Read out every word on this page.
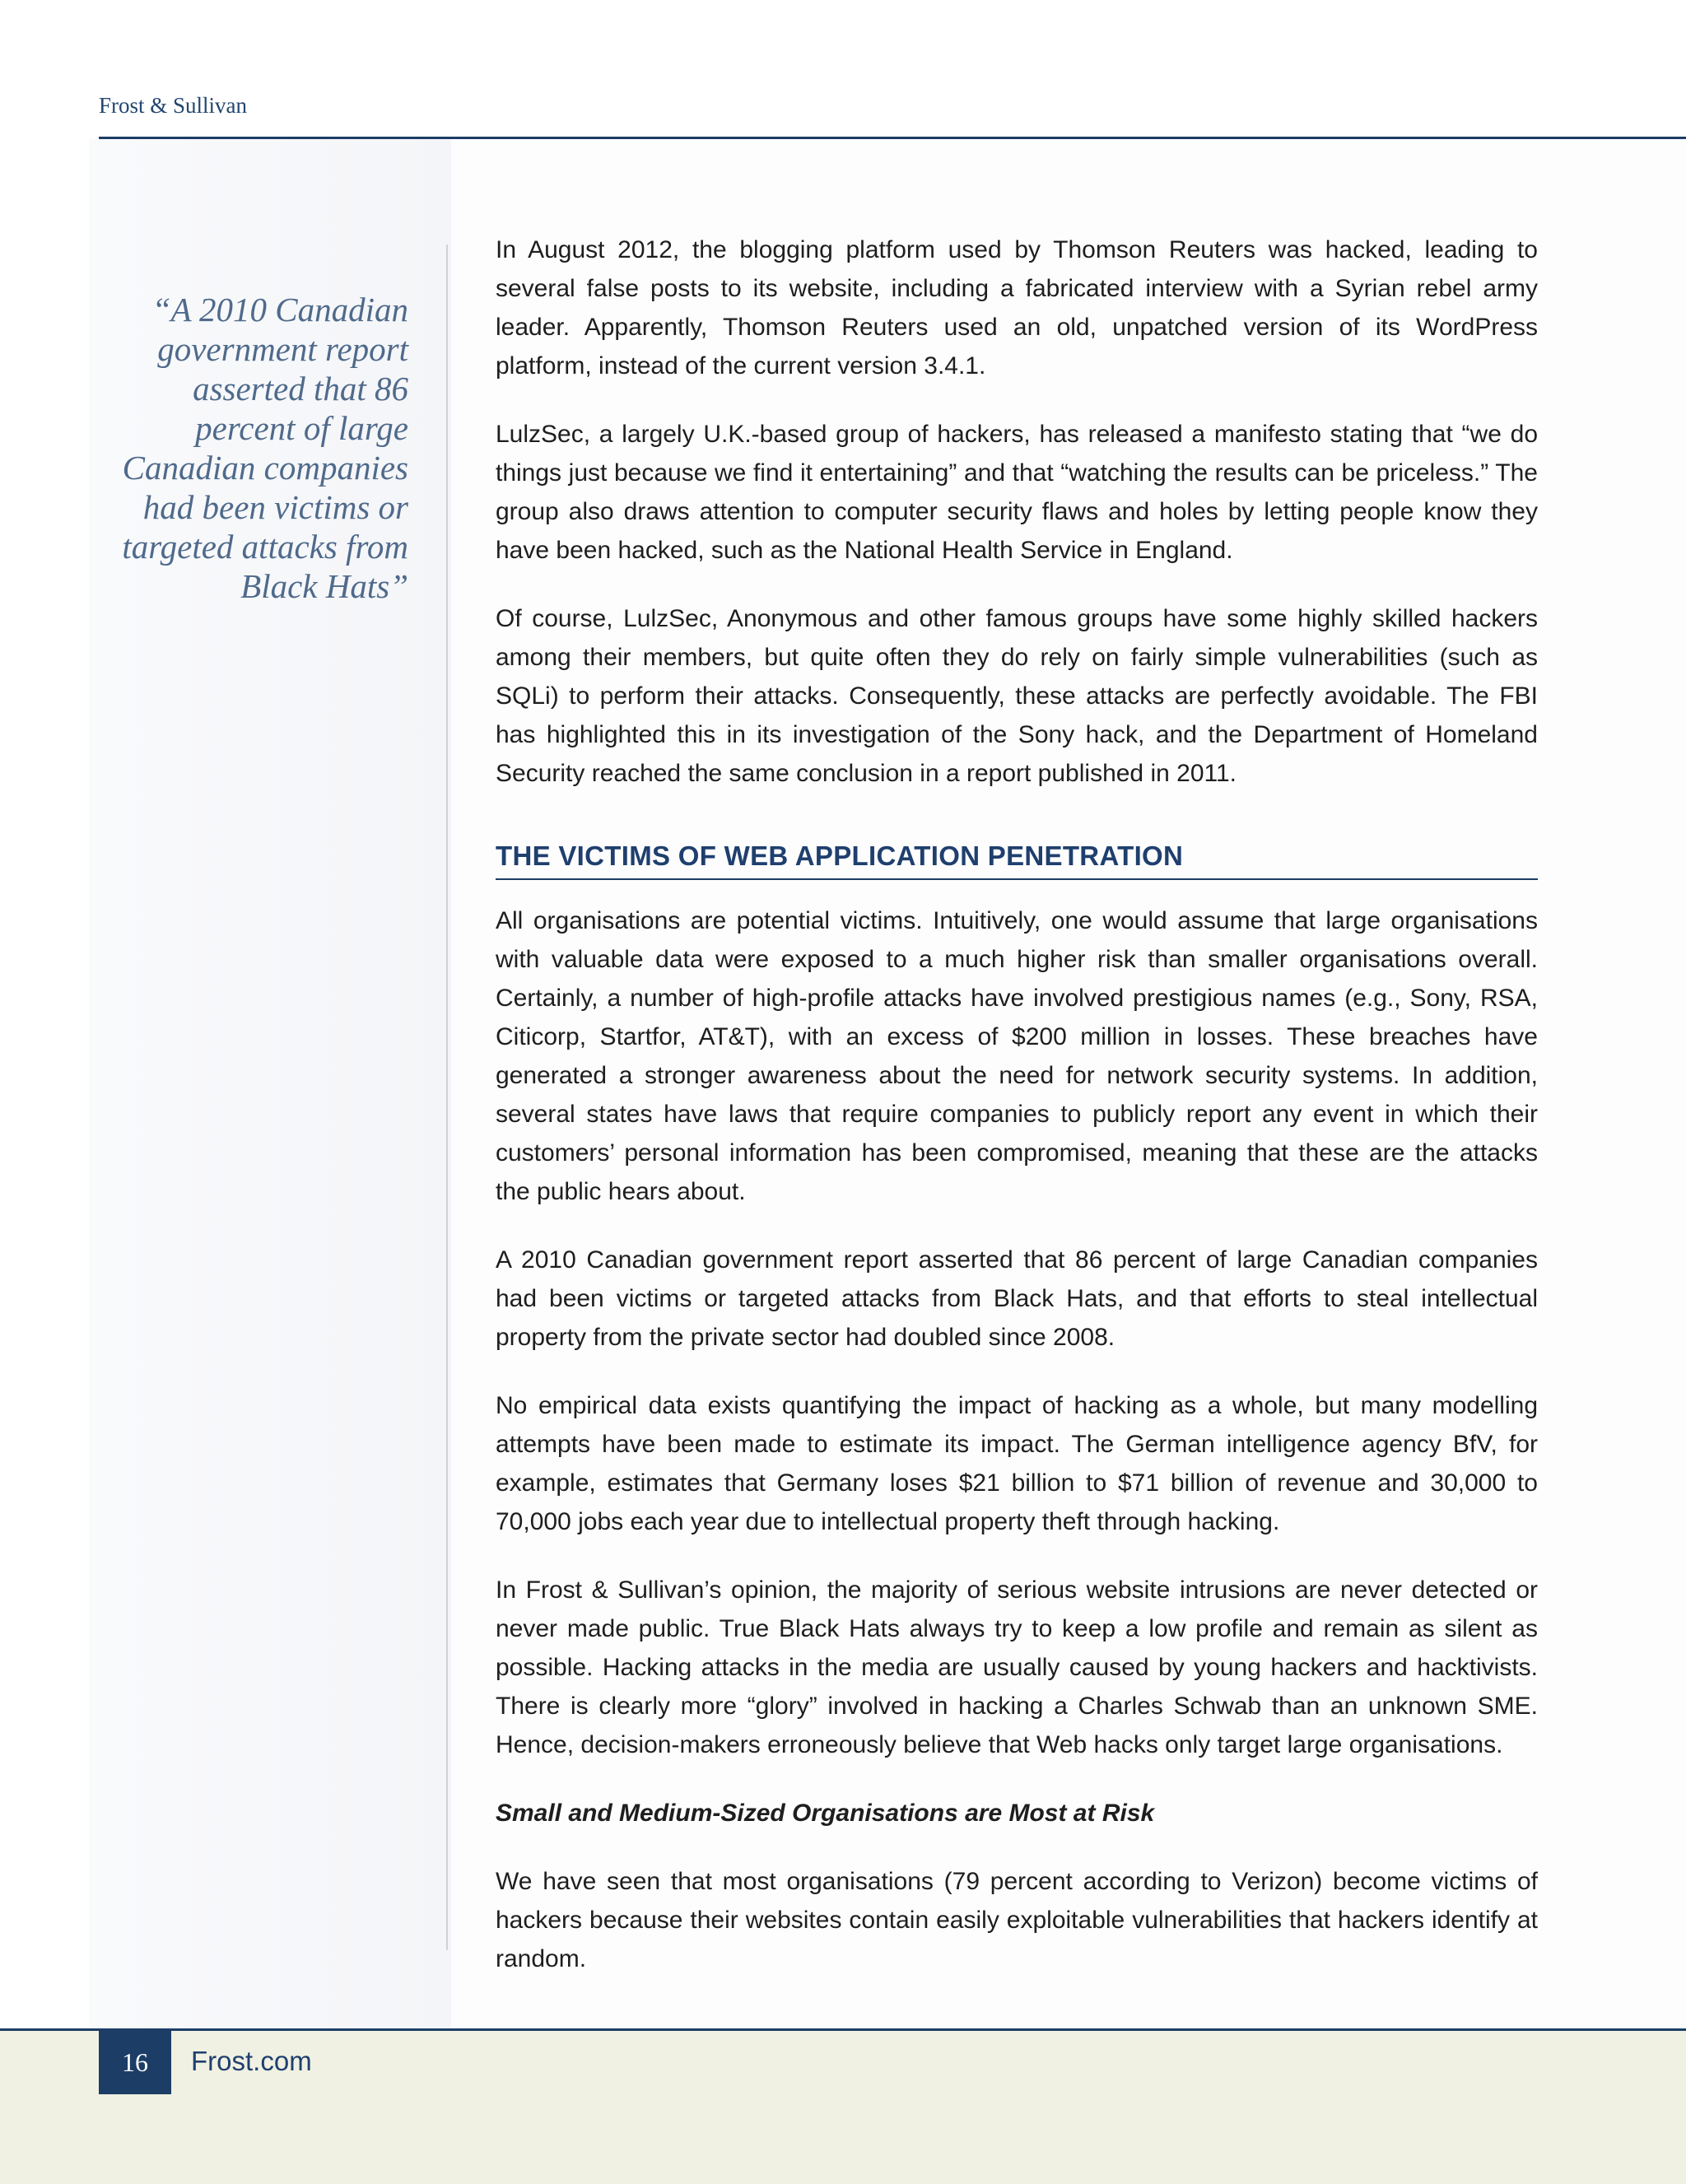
Frost & Sullivan
“A 2010 Canadian government report asserted that 86 percent of large Canadian companies had been victims or targeted attacks from Black Hats”

In August 2012, the blogging platform used by Thomson Reuters was hacked, leading to several false posts to its website, including a fabricated interview with a Syrian rebel army leader. Apparently, Thomson Reuters used an old, unpatched version of its WordPress platform, instead of the current version 3.4.1.

LulzSec, a largely U.K.-based group of hackers, has released a manifesto stating that “we do things just because we find it entertaining” and that “watching the results can be priceless.” The group also draws attention to computer security flaws and holes by letting people know they have been hacked, such as the National Health Service in England.

Of course, LulzSec, Anonymous and other famous groups have some highly skilled hackers among their members, but quite often they do rely on fairly simple vulnerabilities (such as SQLi) to perform their attacks. Consequently, these attacks are perfectly avoidable. The FBI has highlighted this in its investigation of the Sony hack, and the Department of Homeland Security reached the same conclusion in a report published in 2011.

THE VICTIMS OF WEB APPLICATION PENETRATION

All organisations are potential victims. Intuitively, one would assume that large organisations with valuable data were exposed to a much higher risk than smaller organisations overall. Certainly, a number of high-profile attacks have involved prestigious names (e.g., Sony, RSA, Citicorp, Startfor, AT&T), with an excess of $200 million in losses. These breaches have generated a stronger awareness about the need for network security systems. In addition, several states have laws that require companies to publicly report any event in which their customers’ personal information has been compromised, meaning that these are the attacks the public hears about.

A 2010 Canadian government report asserted that 86 percent of large Canadian companies had been victims or targeted attacks from Black Hats, and that efforts to steal intellectual property from the private sector had doubled since 2008.

No empirical data exists quantifying the impact of hacking as a whole, but many modelling attempts have been made to estimate its impact. The German intelligence agency BfV, for example, estimates that Germany loses $21 billion to $71 billion of revenue and 30,000 to 70,000 jobs each year due to intellectual property theft through hacking.

In Frost & Sullivan’s opinion, the majority of serious website intrusions are never detected or never made public. True Black Hats always try to keep a low profile and remain as silent as possible. Hacking attacks in the media are usually caused by young hackers and hacktivists. There is clearly more “glory” involved in hacking a Charles Schwab than an unknown SME. Hence, decision-makers erroneously believe that Web hacks only target large organisations.

Small and Medium-Sized Organisations are Most at Risk

We have seen that most organisations (79 percent according to Verizon) become victims of hackers because their websites contain easily exploitable vulnerabilities that hackers identify at random.

16	Frost.com
